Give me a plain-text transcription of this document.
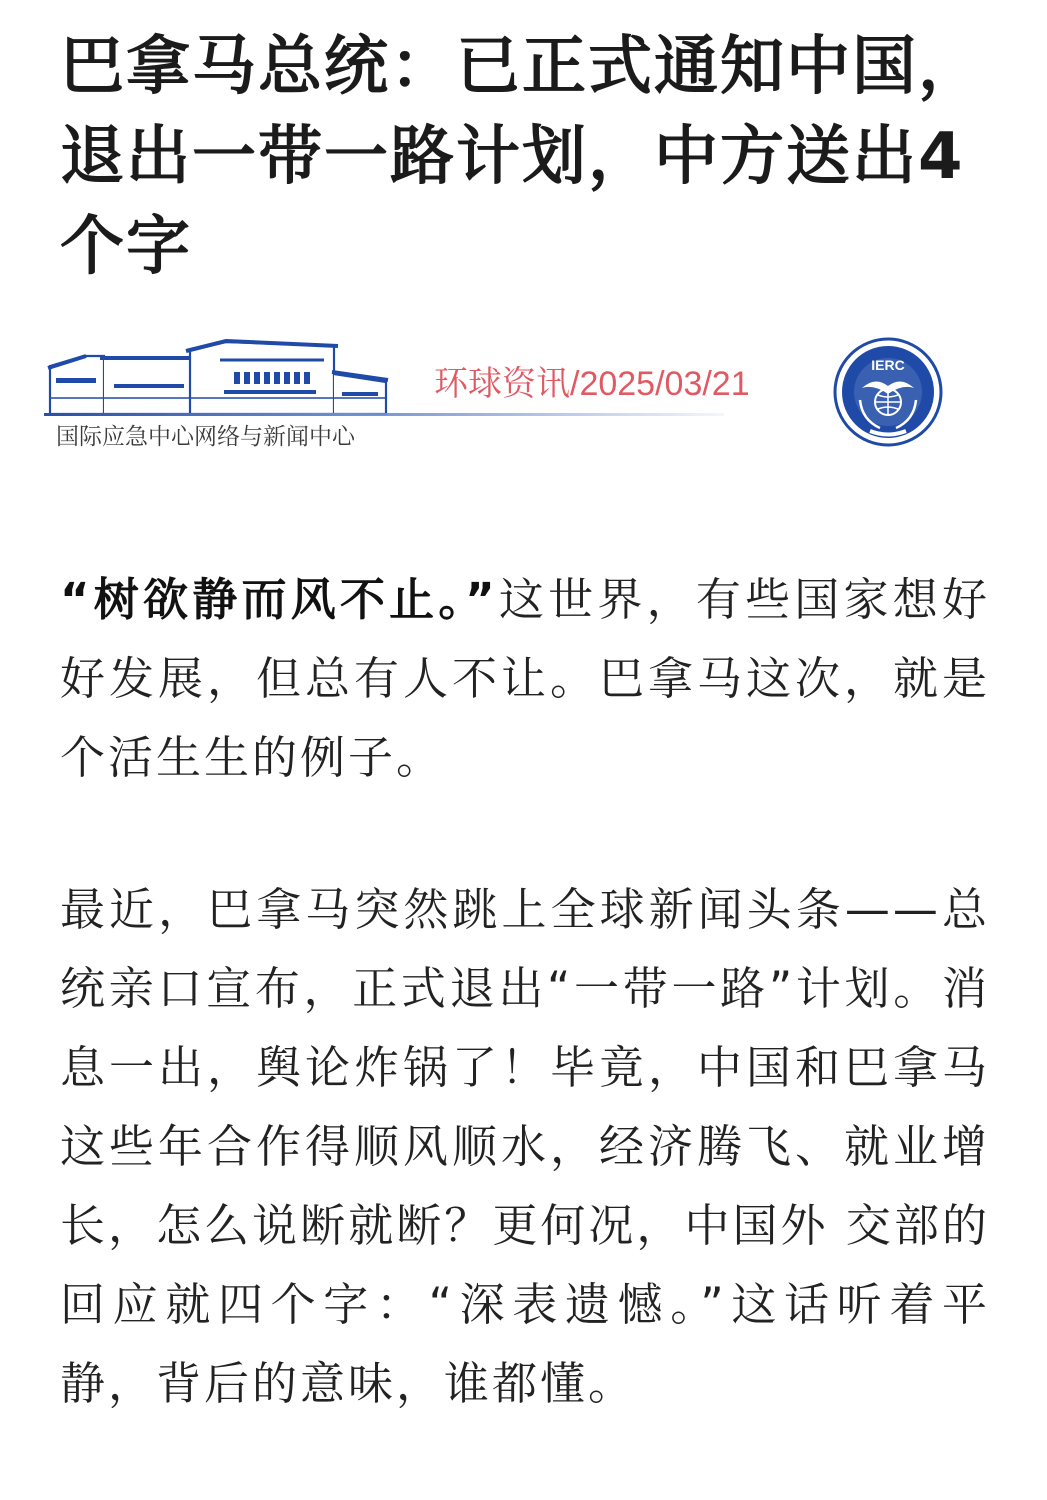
巴拿马总统：已正式通知中国，退出一带一路计划，中方送出4个字
环球资讯/2025/03/21
国际应急中心网络与新闻中心
IERC

“树欲静而风不止。”这世界，有些国家想好好发展，但总有人不让。巴拿马这次，就是个活生生的例子。

最近，巴拿马突然跳上全球新闻头条——总统亲口宣布，正式退出“一带一路”计划。消息一出，舆论炸锅了！毕竟，中国和巴拿马这些年合作得顺风顺水，经济腾飞、就业增长，怎么说断就断？更何况，中国外 交部的回应就四个字：“深表遗憾。”这话听着平静，背后的意味，谁都懂。
